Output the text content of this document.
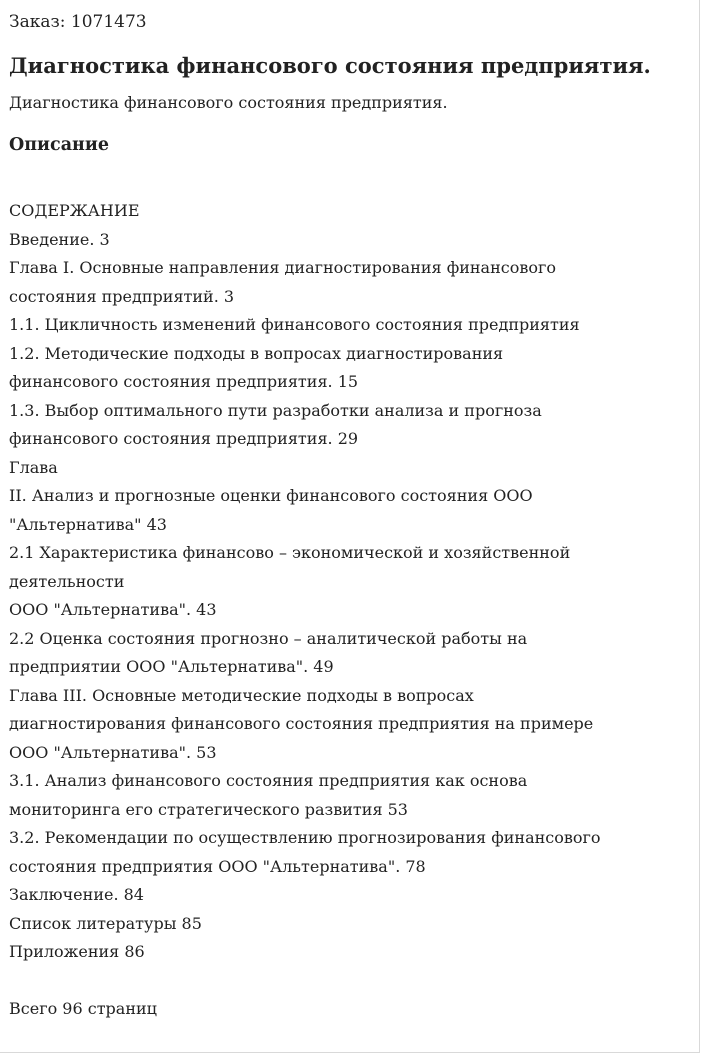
Заказ: 1071473

Диагностика финансового состояния предприятия.

Диагностика финансового состояния предприятия.

Описание
СОДЕРЖАНИЕ
Введение. 3
Глава I. Основные направления диагностирования финансового
состояния предприятий. 3
1.1. Цикличность изменений финансового состояния предприятия
1.2. Методические подходы в вопросах диагностирования
финансового состояния предприятия. 15
1.3. Выбор оптимального пути разработки анализа и прогноза
финансового состояния предприятия. 29
Глава
II. Анализ и прогнозные оценки финансового состояния ООО
"Альтернатива" 43
2.1 Характеристика финансово – экономической и хозяйственной
деятельности
ООО "Альтернатива". 43
2.2 Оценка состояния прогнозно – аналитической работы на
предприятии ООО "Альтернатива". 49
Глава III. Основные методические подходы в вопросах
диагностирования финансового состояния предприятия на примере
ООО "Альтернатива". 53
3.1. Анализ финансового состояния предприятия как основа
мониторинга его стратегического развития 53
3.2. Рекомендации по осуществлению прогнозирования финансового
состояния предприятия ООО "Альтернатива". 78
Заключение. 84
Список литературы 85
Приложения 86
Всего 96 страниц
